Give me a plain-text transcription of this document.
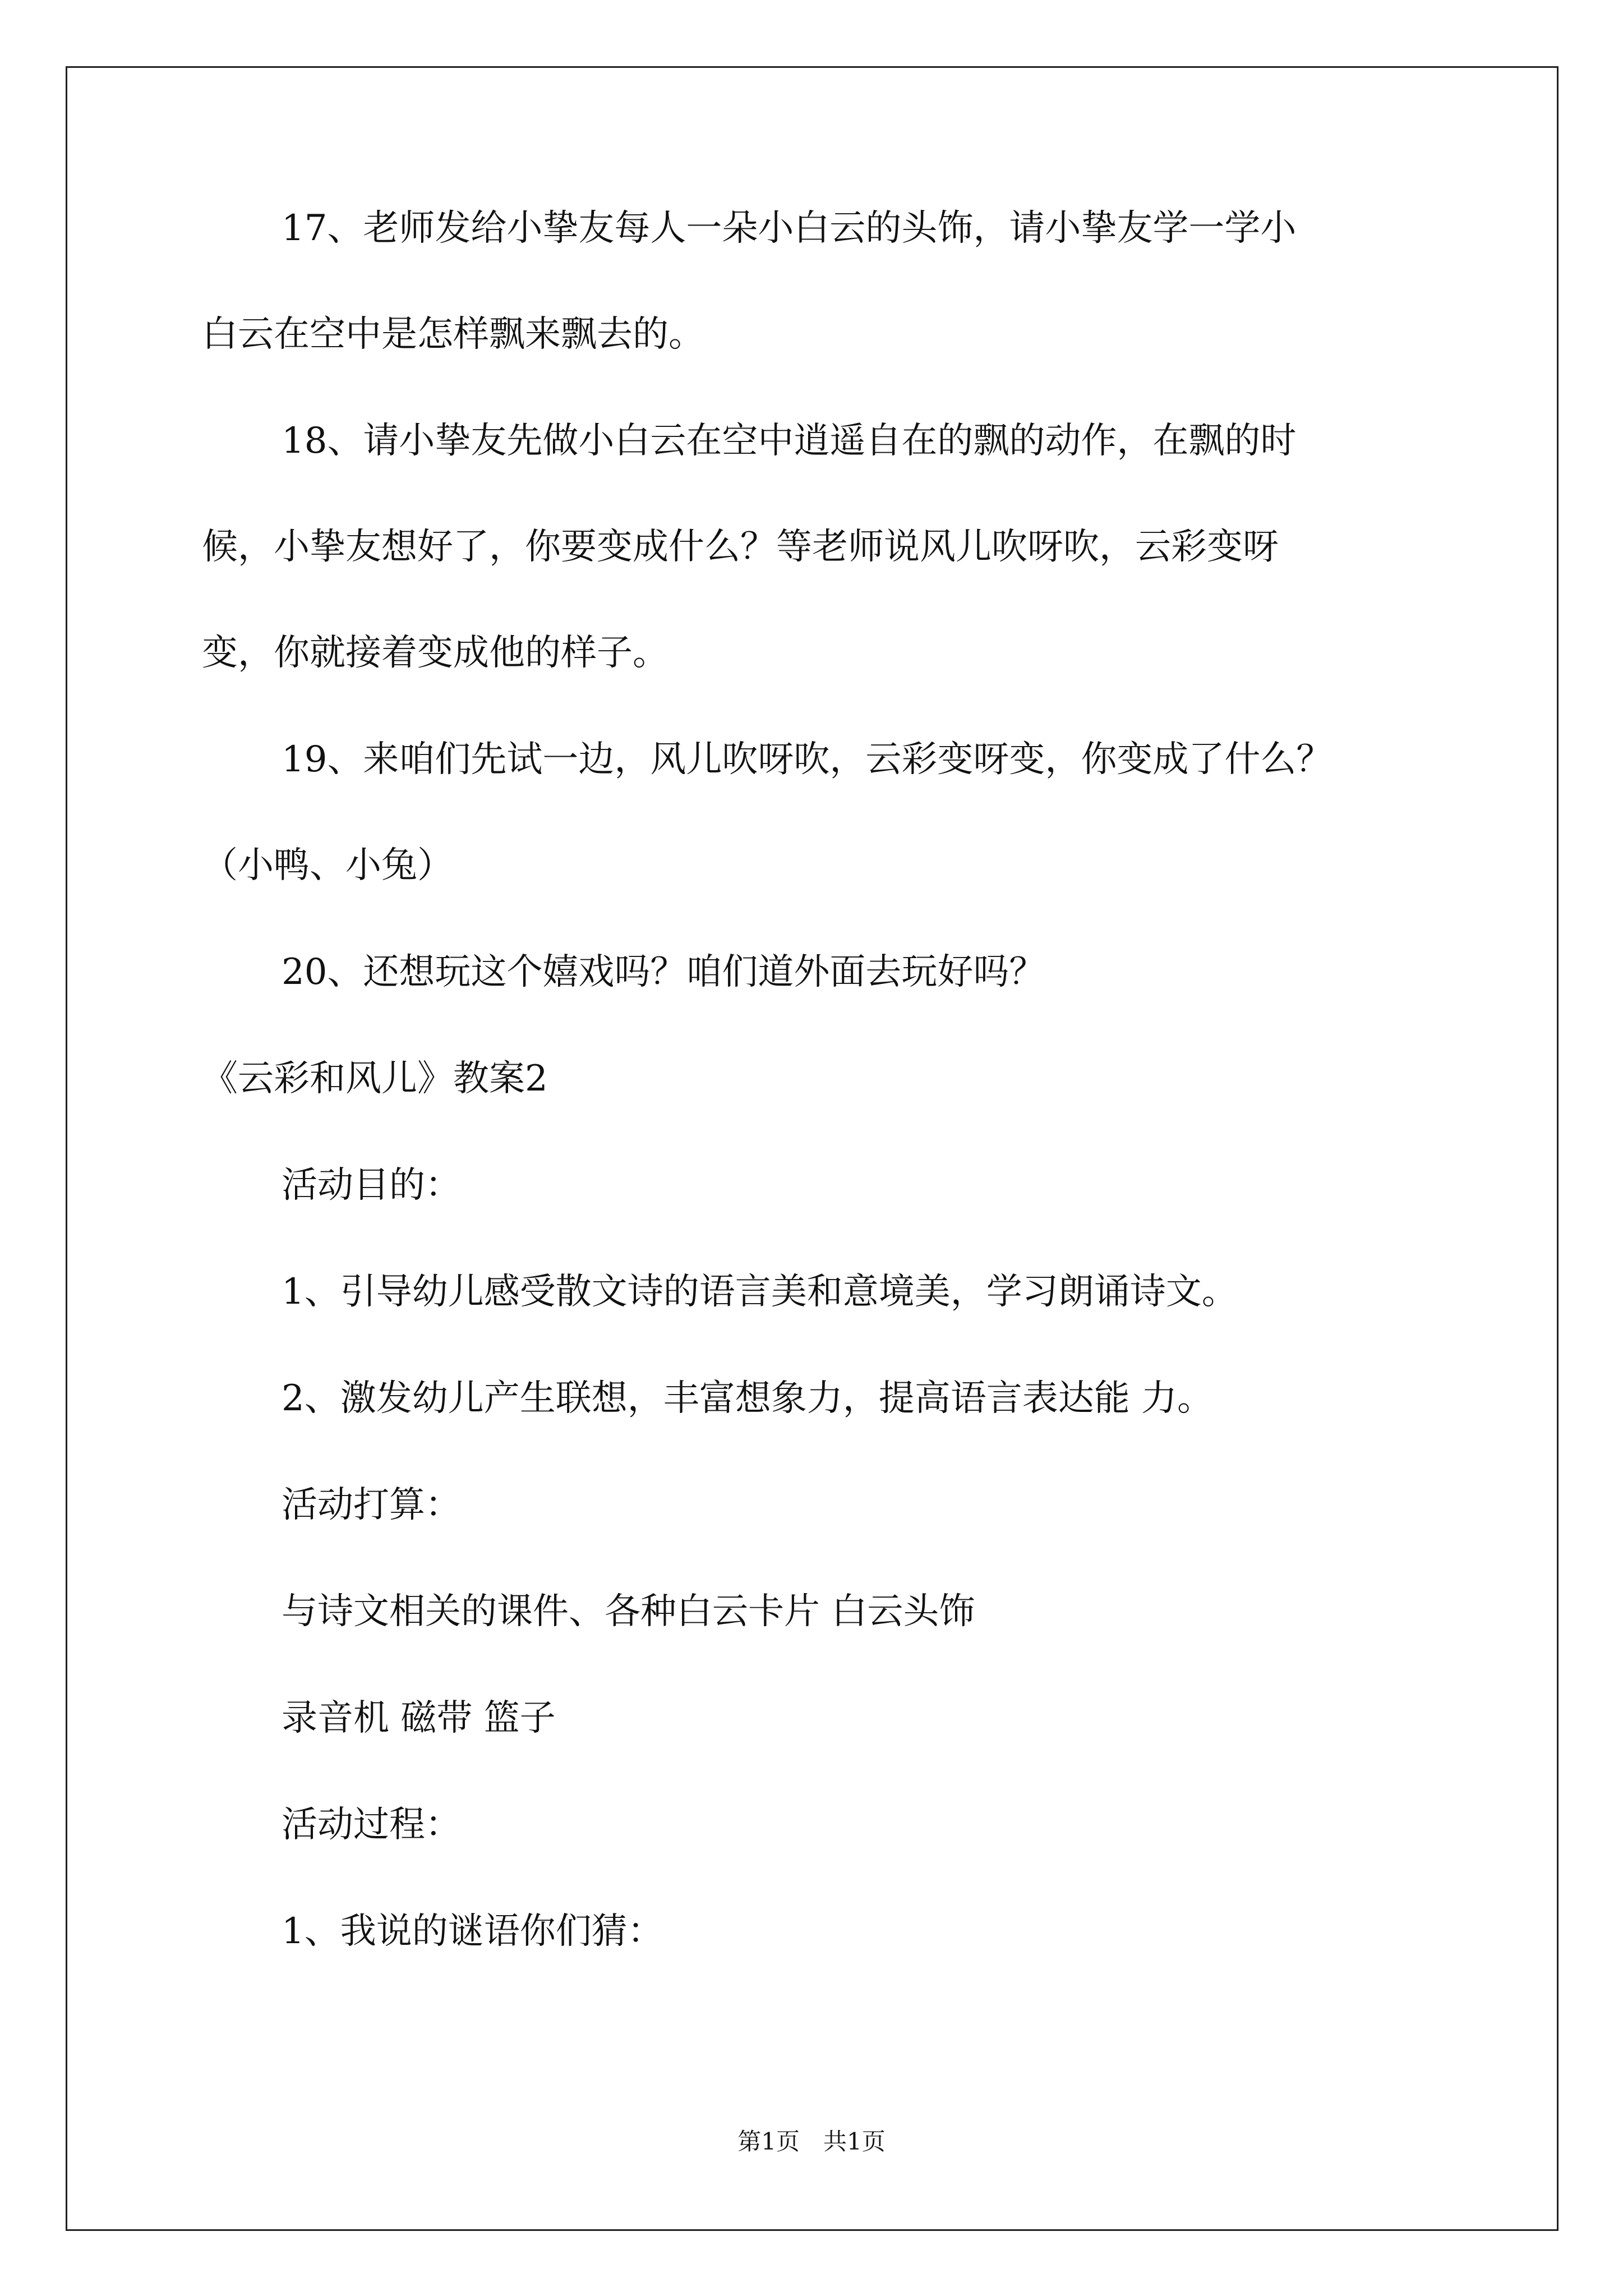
17、老师发给小挚友每人一朵小白云的头饰，请小挚友学一学小
白云在空中是怎样飘来飘去的。
18、请小挚友先做小白云在空中逍遥自在的飘的动作，在飘的时
候，小挚友想好了，你要变成什么？等老师说风儿吹呀吹，云彩变呀
变，你就接着变成他的样子。
19、来咱们先试一边，风儿吹呀吹，云彩变呀变，你变成了什么？
（小鸭、小兔）
20、还想玩这个嬉戏吗？咱们道外面去玩好吗？
《云彩和风儿》教案2
活动目的：
1、引导幼儿感受散文诗的语言美和意境美，学习朗诵诗文。
2、激发幼儿产生联想，丰富想象力，提高语言表达能 力。
活动打算：
与诗文相关的课件、各种白云卡片 白云头饰
录音机 磁带 篮子
活动过程：
1、我说的谜语你们猜：
第1页　共1页
